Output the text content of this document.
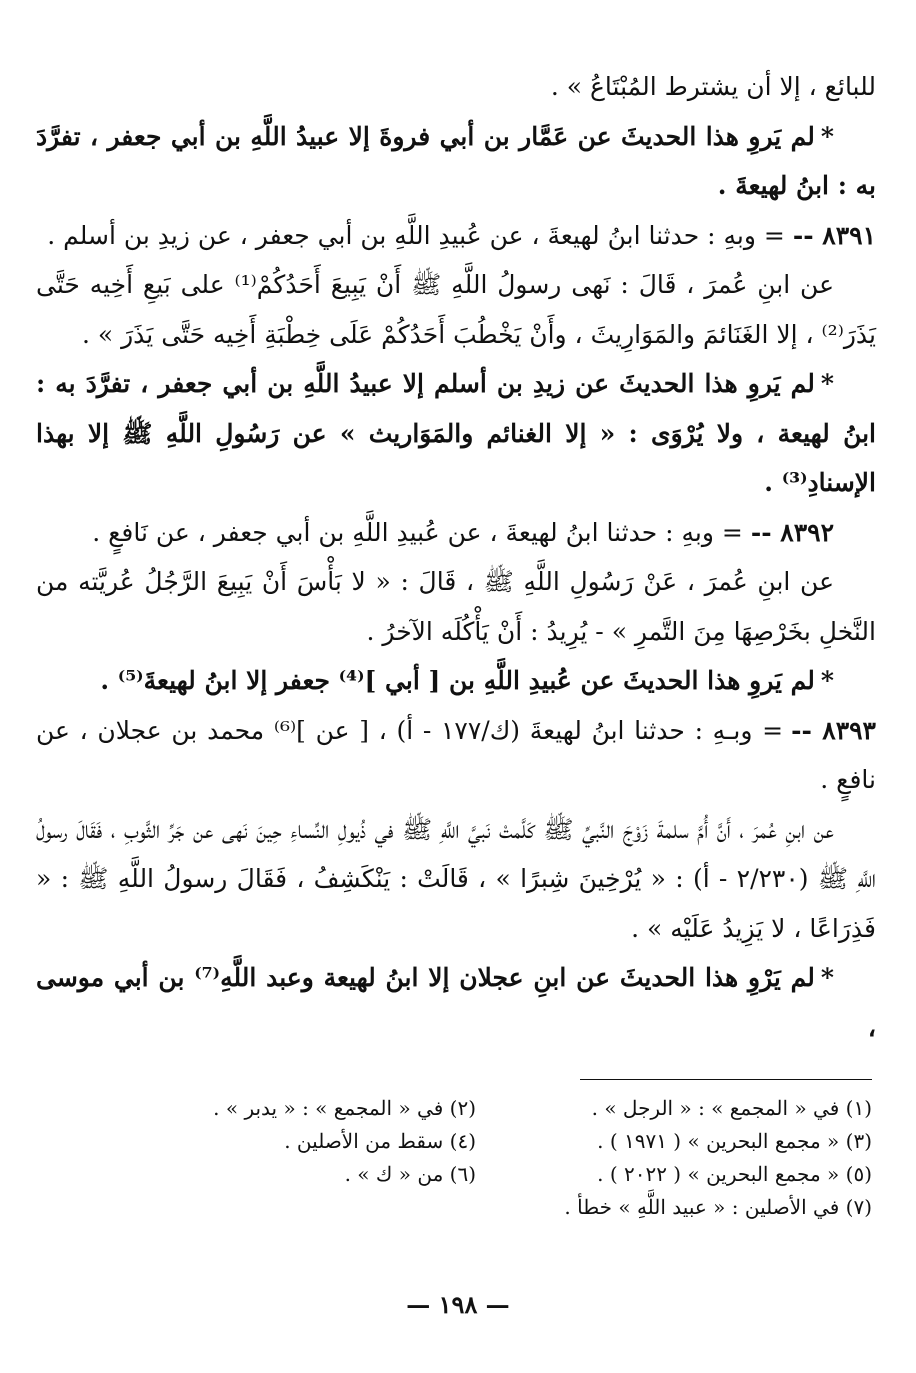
للبائع ، إلا أن يشترط المُبْتَاعُ » .

*لم يَروِ هذا الحديثَ عن عَمَّار بن أبي فروةَ إلا عبيدُ اللَّهِ بن أبي جعفر ، تفرَّدَ به : ابنُ لهيعةَ .

٨٣٩١ --= وبهِ : حدثنا ابنُ لهيعةَ ، عن عُبيدِ اللَّهِ بن أبي جعفر ، عن زيدِ بن أسلم .

عن ابنِ عُمرَ ، قَالَ : نَهى رسولُ اللَّهِ ﷺ أَنْ يَبِيعَ أَحَدُكُمْ⁽¹⁾ على بَيعِ أَخِيه حَتَّى يَذَرَ⁽²⁾ ، إلا الغَنَائمَ والمَوَارِيثَ ، وأَنْ يَخْطُبَ أَحَدُكُمْ عَلَى خِطْبَةِ أَخِيه حَتَّى يَذَرَ » .

*لم يَروِ هذا الحديثَ عن زيدِ بن أسلم إلا عبيدُ اللَّهِ بن أبي جعفر ، تفرَّدَ به : ابنُ لهيعة ، ولا يُرْوَى : « إلا الغنائم والمَوَاريث » عن رَسُولِ اللَّهِ ﷺ إلا بهذا الإسنادِ⁽³⁾ .

٨٣٩٢ --= وبهِ : حدثنا ابنُ لهيعةَ ، عن عُبيدِ اللَّهِ بن أبي جعفر ، عن نَافعٍ .

عن ابنِ عُمرَ ، عَنْ رَسُولِ اللَّهِ ﷺ ، قَالَ : « لا بَأْسَ أَنْ يَبِيعَ الرَّجُلُ عُريَّته من النَّخلِ بخَرْصِهَا مِنَ التَّمرِ » - يُرِيدُ : أَنْ يَأْكُلَه الآخرُ .

*لم يَروِ هذا الحديثَ عن عُبيدِ اللَّهِ بن [ أبي ]⁽⁴⁾ جعفر إلا ابنُ لهيعةَ⁽⁵⁾ .

٨٣٩٣ --= وبـهِ : حدثنا ابنُ لهيعةَ (ك/١٧٧ - أ) ، [ عن ]⁽⁶⁾ محمد بن عجلان ، عن نافعٍ .

عن ابنِ عُمرَ ، أَنَّ أُمَّ سلمةَ زَوْجَ النَّبيِّ ﷺ كَلَّمتْ نَبيَّ اللَّهِ ﷺ في ذُيولِ النِّساءِ حِينَ نَهى عن جَرِّ الثَّوبِ ، فَقَالَ رسولُ اللَّهِ ﷺ (٢/٢٣٠ - أ) : « يُرْخِينَ شِبرًا » ، قَالَتْ : يَنْكَشِفُ ، فَقَالَ رسولُ اللَّهِ ﷺ : « فَذِرَاعًا ، لا يَزِيدُ عَلَيْه » .

*لم يَرْوِ هذا الحديثَ عن ابنِ عجلان إلا ابنُ لهيعة وعبد اللَّهِ⁽⁷⁾ بن أبي موسى ،

(١) في « المجمع » : « الرجل » .
(٢) في « المجمع » : « يدبر » .
(٣) « مجمع البحرين » ( ١٩٧١ ) .
(٤) سقط من الأصلين .
(٥) « مجمع البحرين » ( ٢٠٢٢ ) .
(٦) من « ك » .
(٧) في الأصلين : « عبيد اللَّهِ » خطأ .
— ١٩٨ —
